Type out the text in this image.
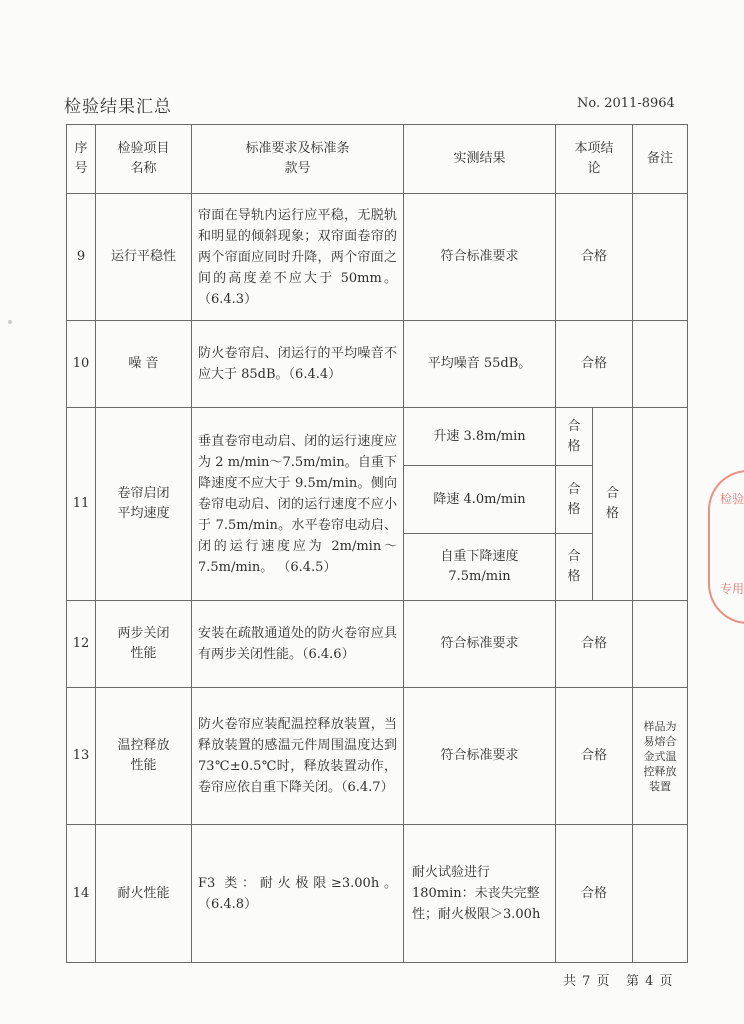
检验结果汇总	No. 2011-8964
序号	检验项目名称	标准要求及标准条款号	实测结果	本项结论		备注
9	运行平稳性	帘面在导轨内运行应平稳，无脱轨和明显的倾斜现象；双帘面卷帘的两个帘面应同时升降，两个帘面之间的高度差不应大于 50mm。（6.4.3）	符合标准要求	合格		
10	噪 音	防火卷帘启、闭运行的平均噪音不应大于 85dB。（6.4.4）	平均噪音 55dB。	合格		
11	卷帘启闭平均速度	垂直卷帘电动启、闭的运行速度应为 2 m/min～7.5m/min。自重下降速度不应大于 9.5m/min。侧向卷帘电动启、闭的运行速度不应小于 7.5m/min。水平卷帘电动启、闭的运行速度应为 2m/min～7.5m/min。 （6.4.5）	升速 3.8m/min	合格	合格	
			降速 4.0m/min	合格		
			自重下降速度 7.5m/min	合格		
12	两步关闭性能	安装在疏散通道处的防火卷帘应具有两步关闭性能。（6.4.6）	符合标准要求	合格		
13	温控释放性能	防火卷帘应装配温控释放装置，当释放装置的感温元件周围温度达到 73℃±0.5℃时，释放装置动作，卷帘应依自重下降关闭。（6.4.7）	符合标准要求	合格		样品为易熔合金式温控释放装置
14	耐火性能	F3 类：耐火极限≥3.00h。（6.4.8）	耐火试验进行 180min：未丧失完整性；耐火极限＞3.00h	合格		
共 7 页 第 4 页
检验
专用
